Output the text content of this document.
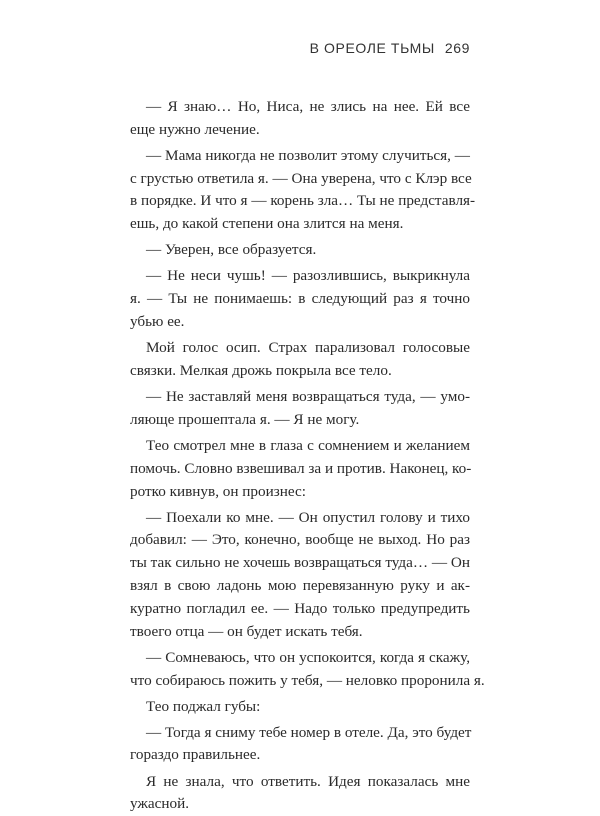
В ОРЕОЛЕ ТЬМЫ 269
— Я знаю… Но, Ниса, не злись на нее. Ей все
еще нужно лечение.
— Мама никогда не позволит этому случиться, —
с грустью ответила я. — Она уверена, что с Клэр все
в порядке. И что я — корень зла… Ты не представля-
ешь, до какой степени она злится на меня.
— Уверен, все образуется.
— Не неси чушь! — разозлившись, выкрикнула
я. — Ты не понимаешь: в следующий раз я точно
убью ее.
Мой голос осип. Страх парализовал голосовые
связки. Мелкая дрожь покрыла все тело.
— Не заставляй меня возвращаться туда, — умо-
ляюще прошептала я. — Я не могу.
Тео смотрел мне в глаза с сомнением и желанием
помочь. Словно взвешивал за и против. Наконец, ко-
ротко кивнув, он произнес:
— Поехали ко мне. — Он опустил голову и тихо
добавил: — Это, конечно, вообще не выход. Но раз
ты так сильно не хочешь возвращаться туда… — Он
взял в свою ладонь мою перевязанную руку и ак-
куратно погладил ее. — Надо только предупредить
твоего отца — он будет искать тебя.
— Сомневаюсь, что он успокоится, когда я скажу,
что собираюсь пожить у тебя, — неловко проронила я.
Тео поджал губы:
— Тогда я сниму тебе номер в отеле. Да, это будет
гораздо правильнее.
Я не знала, что ответить. Идея показалась мне
ужасной.
